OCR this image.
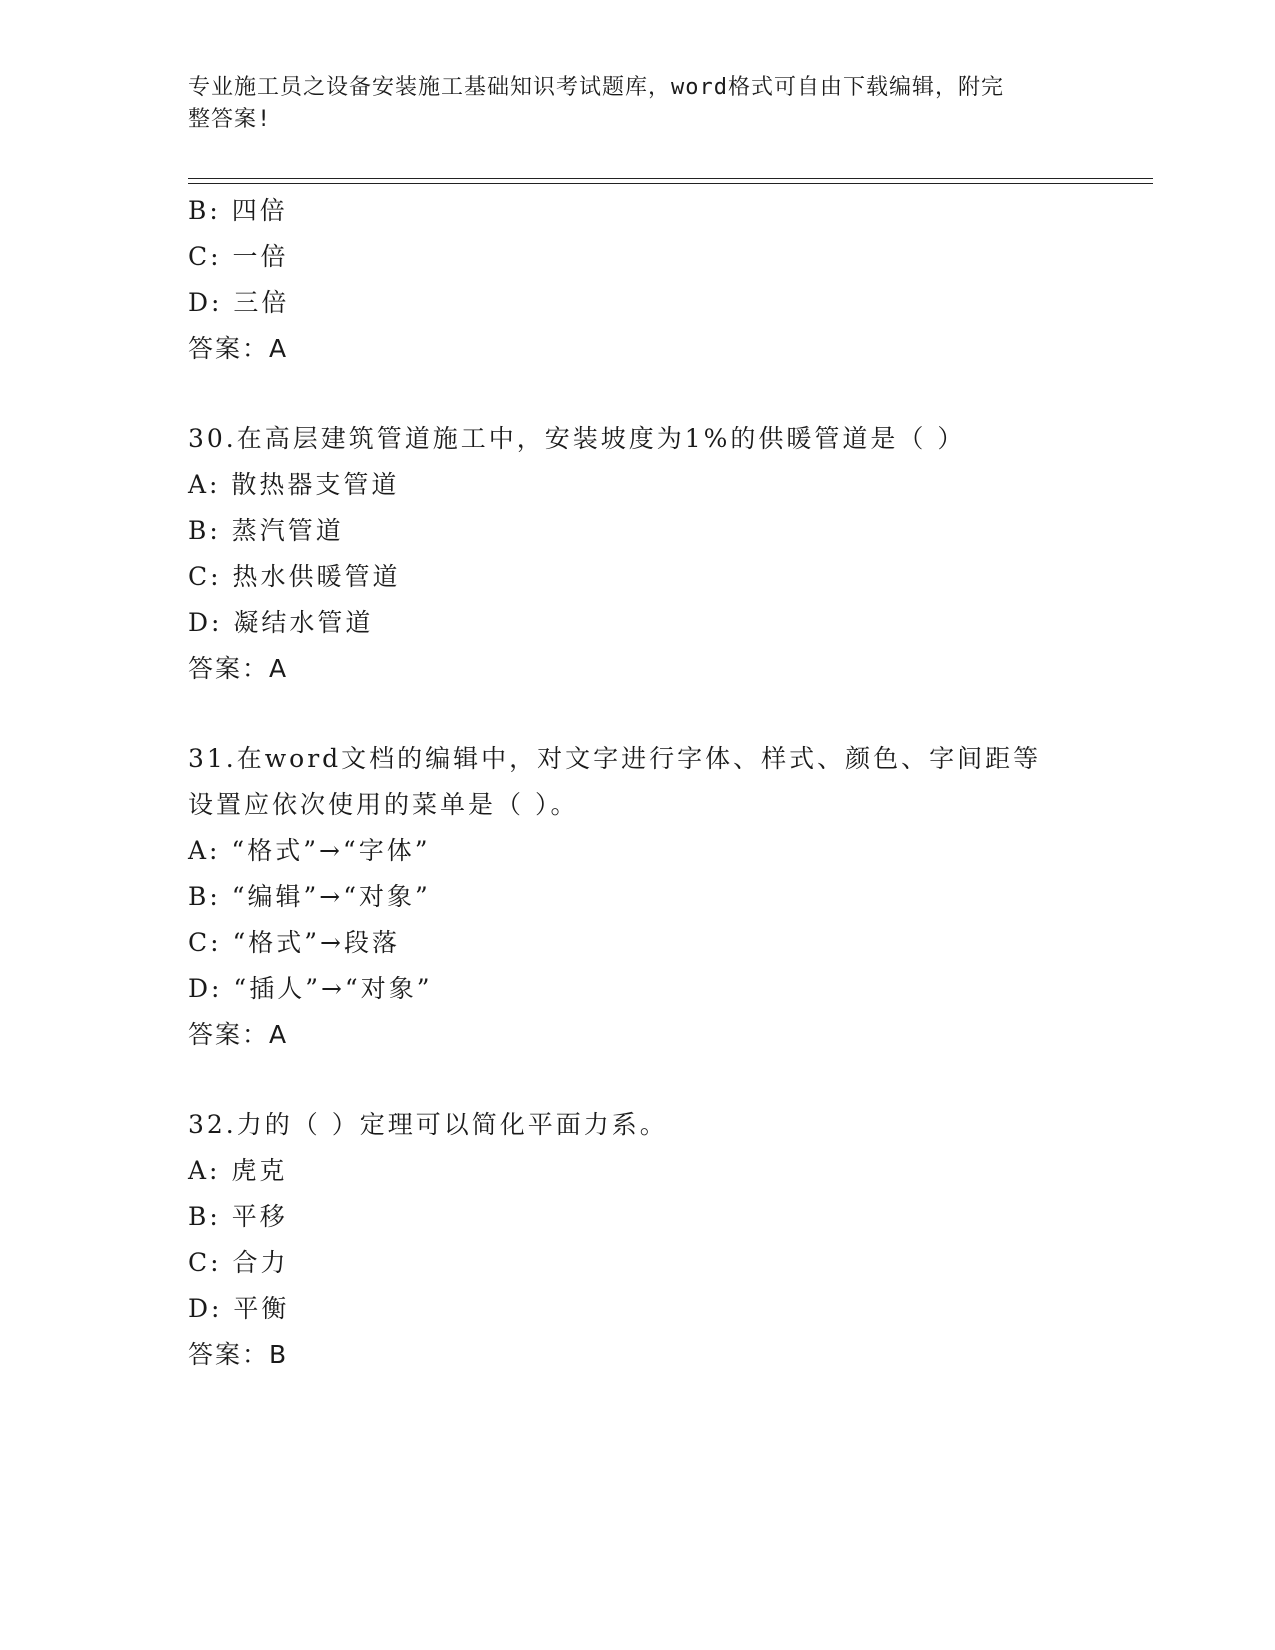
专业施工员之设备安装施工基础知识考试题库，word格式可自由下载编辑，附完
整答案!
B: 四倍
C: 一倍
D: 三倍
答案：A
30.在高层建筑管道施工中，安装坡度为1%的供暖管道是（ ）
A: 散热器支管道
B: 蒸汽管道
C: 热水供暖管道
D: 凝结水管道
答案：A
31.在word文档的编辑中，对文字进行字体、样式、颜色、字间距等
设置应依次使用的菜单是（ ）。
A: “格式”→“字体”
B: “编辑”→“对象”
C: “格式”→段落
D: “插人”→“对象”
答案：A
32.力的（ ）定理可以简化平面力系。
A: 虎克
B: 平移
C: 合力
D: 平衡
答案：B
